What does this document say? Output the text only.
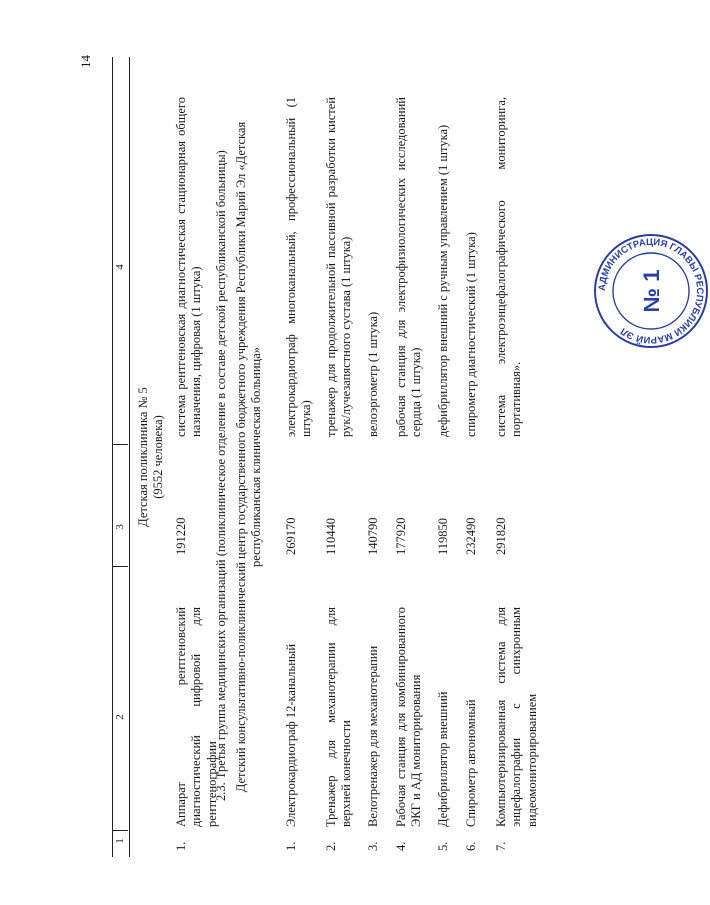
14
1
2
3
4
Детская поликлиника № 5 (9552 человека)
1.
Аппарат рентгеновский диагностический цифровой для рентгенографии
191220
система рентгеновская диагностическая стационарная общего назначения, цифровая (1 штука) 2.3. Третья группа медицинских организаций (поликлиническое отделение в составе детской республиканской больницы) Детский консультативно-поликлинический центр государственного бюджетного учреждения Республики Марий Эл «Детская республиканская клиническая больница»
1.
Электрокардиограф 12-канальный
269170
электрокардиограф многоканальный, профессиональный (1 штука)
2.
Тренажер для механотерапии для верхней конечности
110440
тренажер для продолжительной пассивной разработки кистей рук/лучезапястного сустава (1 штука)
3.
Велотренажер для механотерапии
140790
велоэргометр (1 штука)
4.
Рабочая станция для комбинированного ЭКГ и АД мониторирования
177920
рабочая станция для электрофизиологических исследований сердца (1 штука)
5.
Дефибриллятор внешний
119850
дефибриллятор внешний с ручным управлением (1 штука)
6.
Спирометр автономный
232490
спирометр диагностический (1 штука)
7.
Компьютеризированная система для энцефалографии с синхронным видеомониторированием
291820
система электроэнцефалографического мониторинга, портативная».
АДМИНИСТРАЦИЯ ГЛАВЫ РЕСПУБЛИКИ МАРИЙ ЭЛ
№ 1
